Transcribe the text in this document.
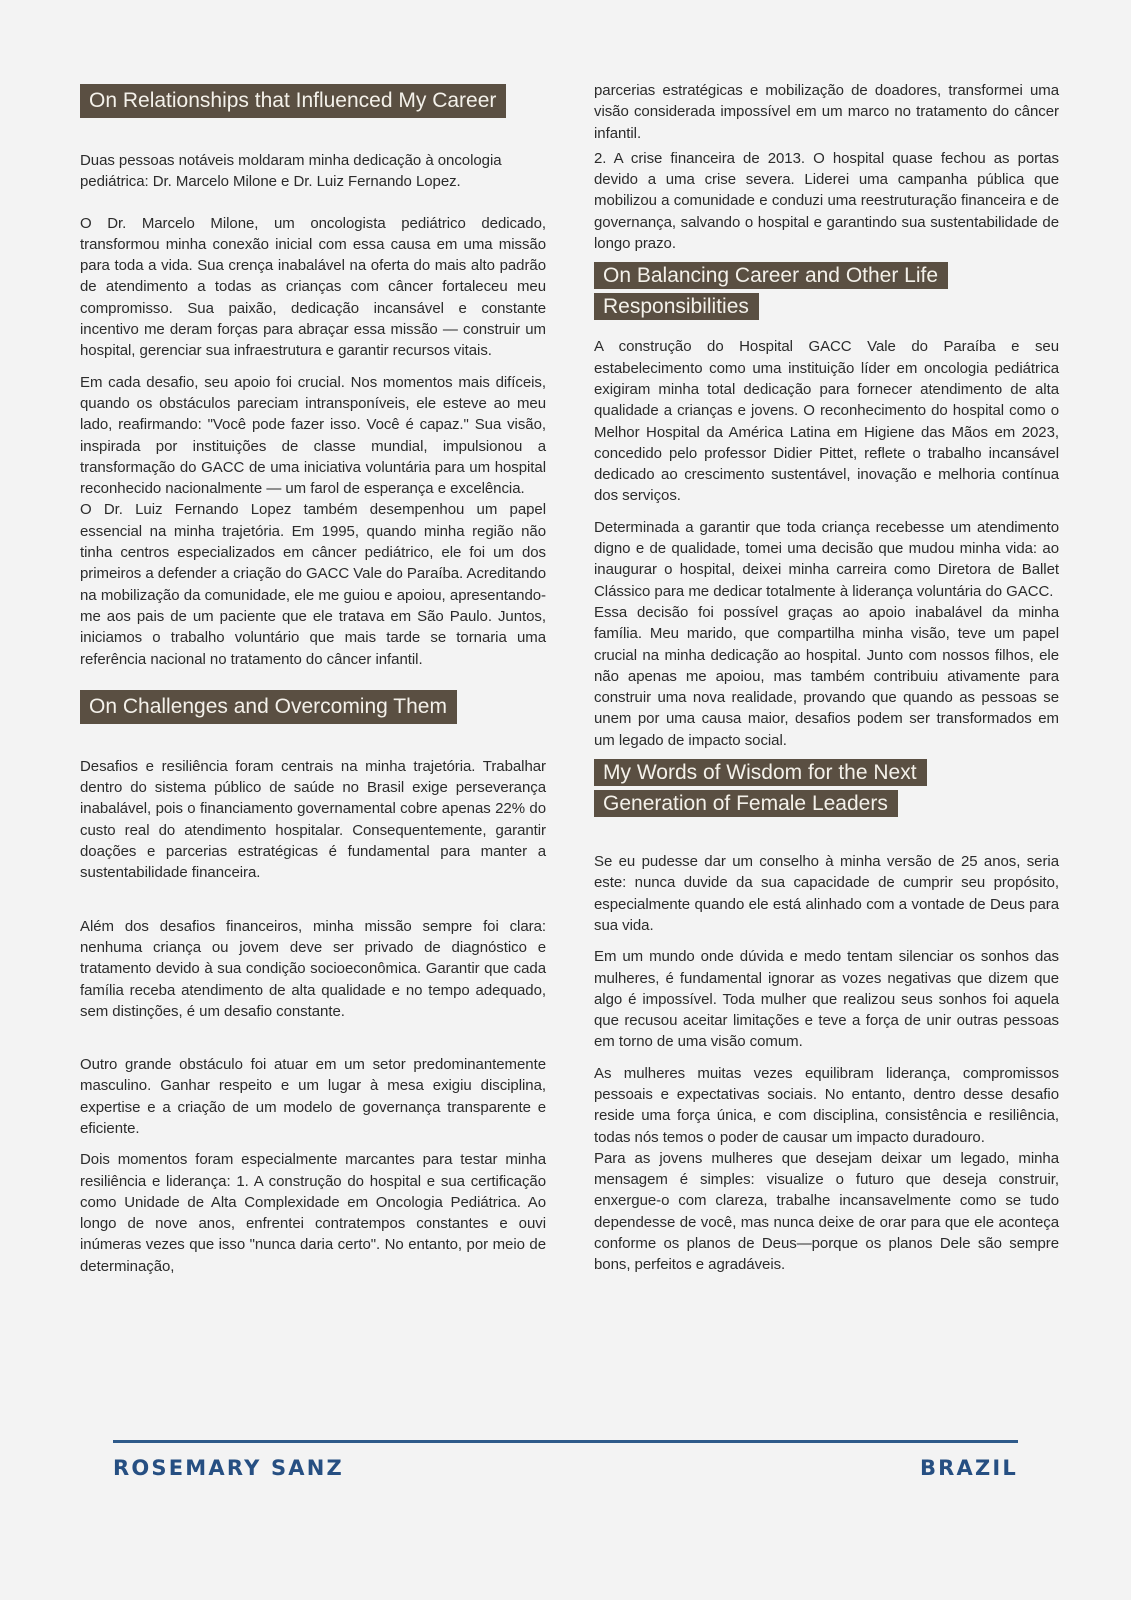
On Relationships that Influenced My Career

Duas pessoas notáveis moldaram minha dedicação à oncologia pediátrica: Dr. Marcelo Milone e Dr. Luiz Fernando Lopez.

O Dr. Marcelo Milone, um oncologista pediátrico dedicado, transformou minha conexão inicial com essa causa em uma missão para toda a vida. Sua crença inabalável na oferta do mais alto padrão de atendimento a todas as crianças com câncer fortaleceu meu compromisso. Sua paixão, dedicação incansável e constante incentivo me deram forças para abraçar essa missão — construir um hospital, gerenciar sua infraestrutura e garantir recursos vitais.

Em cada desafio, seu apoio foi crucial. Nos momentos mais difíceis, quando os obstáculos pareciam intransponíveis, ele esteve ao meu lado, reafirmando: "Você pode fazer isso. Você é capaz." Sua visão, inspirada por instituições de classe mundial, impulsionou a transformação do GACC de uma iniciativa voluntária para um hospital reconhecido nacionalmente — um farol de esperança e excelência.

O Dr. Luiz Fernando Lopez também desempenhou um papel essencial na minha trajetória. Em 1995, quando minha região não tinha centros especializados em câncer pediátrico, ele foi um dos primeiros a defender a criação do GACC Vale do Paraíba. Acreditando na mobilização da comunidade, ele me guiou e apoiou, apresentando-me aos pais de um paciente que ele tratava em São Paulo. Juntos, iniciamos o trabalho voluntário que mais tarde se tornaria uma referência nacional no tratamento do câncer infantil.

On Challenges and Overcoming Them

Desafios e resiliência foram centrais na minha trajetória. Trabalhar dentro do sistema público de saúde no Brasil exige perseverança inabalável, pois o financiamento governamental cobre apenas 22% do custo real do atendimento hospitalar. Consequentemente, garantir doações e parcerias estratégicas é fundamental para manter a sustentabilidade financeira.

Além dos desafios financeiros, minha missão sempre foi clara: nenhuma criança ou jovem deve ser privado de diagnóstico e tratamento devido à sua condição socioeconômica. Garantir que cada família receba atendimento de alta qualidade e no tempo adequado, sem distinções, é um desafio constante.

Outro grande obstáculo foi atuar em um setor predominantemente masculino. Ganhar respeito e um lugar à mesa exigiu disciplina, expertise e a criação de um modelo de governança transparente e eficiente.

Dois momentos foram especialmente marcantes para testar minha resiliência e liderança: 1. A construção do hospital e sua certificação como Unidade de Alta Complexidade em Oncologia Pediátrica. Ao longo de nove anos, enfrentei contratempos constantes e ouvi inúmeras vezes que isso "nunca daria certo". No entanto, por meio de determinação,

parcerias estratégicas e mobilização de doadores, transformei uma visão considerada impossível em um marco no tratamento do câncer infantil.

2. A crise financeira de 2013. O hospital quase fechou as portas devido a uma crise severa. Liderei uma campanha pública que mobilizou a comunidade e conduzi uma reestruturação financeira e de governança, salvando o hospital e garantindo sua sustentabilidade de longo prazo.

On Balancing Career and Other Life Responsibilities

A construção do Hospital GACC Vale do Paraíba e seu estabelecimento como uma instituição líder em oncologia pediátrica exigiram minha total dedicação para fornecer atendimento de alta qualidade a crianças e jovens. O reconhecimento do hospital como o Melhor Hospital da América Latina em Higiene das Mãos em 2023, concedido pelo professor Didier Pittet, reflete o trabalho incansável dedicado ao crescimento sustentável, inovação e melhoria contínua dos serviços.

Determinada a garantir que toda criança recebesse um atendimento digno e de qualidade, tomei uma decisão que mudou minha vida: ao inaugurar o hospital, deixei minha carreira como Diretora de Ballet Clássico para me dedicar totalmente à liderança voluntária do GACC.

Essa decisão foi possível graças ao apoio inabalável da minha família. Meu marido, que compartilha minha visão, teve um papel crucial na minha dedicação ao hospital. Junto com nossos filhos, ele não apenas me apoiou, mas também contribuiu ativamente para construir uma nova realidade, provando que quando as pessoas se unem por uma causa maior, desafios podem ser transformados em um legado de impacto social.

My Words of Wisdom for the Next Generation of Female Leaders

Se eu pudesse dar um conselho à minha versão de 25 anos, seria este: nunca duvide da sua capacidade de cumprir seu propósito, especialmente quando ele está alinhado com a vontade de Deus para sua vida.

Em um mundo onde dúvida e medo tentam silenciar os sonhos das mulheres, é fundamental ignorar as vozes negativas que dizem que algo é impossível. Toda mulher que realizou seus sonhos foi aquela que recusou aceitar limitações e teve a força de unir outras pessoas em torno de uma visão comum.

As mulheres muitas vezes equilibram liderança, compromissos pessoais e expectativas sociais. No entanto, dentro desse desafio reside uma força única, e com disciplina, consistência e resiliência, todas nós temos o poder de causar um impacto duradouro.

Para as jovens mulheres que desejam deixar um legado, minha mensagem é simples: visualize o futuro que deseja construir, enxergue-o com clareza, trabalhe incansavelmente como se tudo dependesse de você, mas nunca deixe de orar para que ele aconteça conforme os planos de Deus—porque os planos Dele são sempre bons, perfeitos e agradáveis.

ROSEMARY SANZ	BRAZIL
